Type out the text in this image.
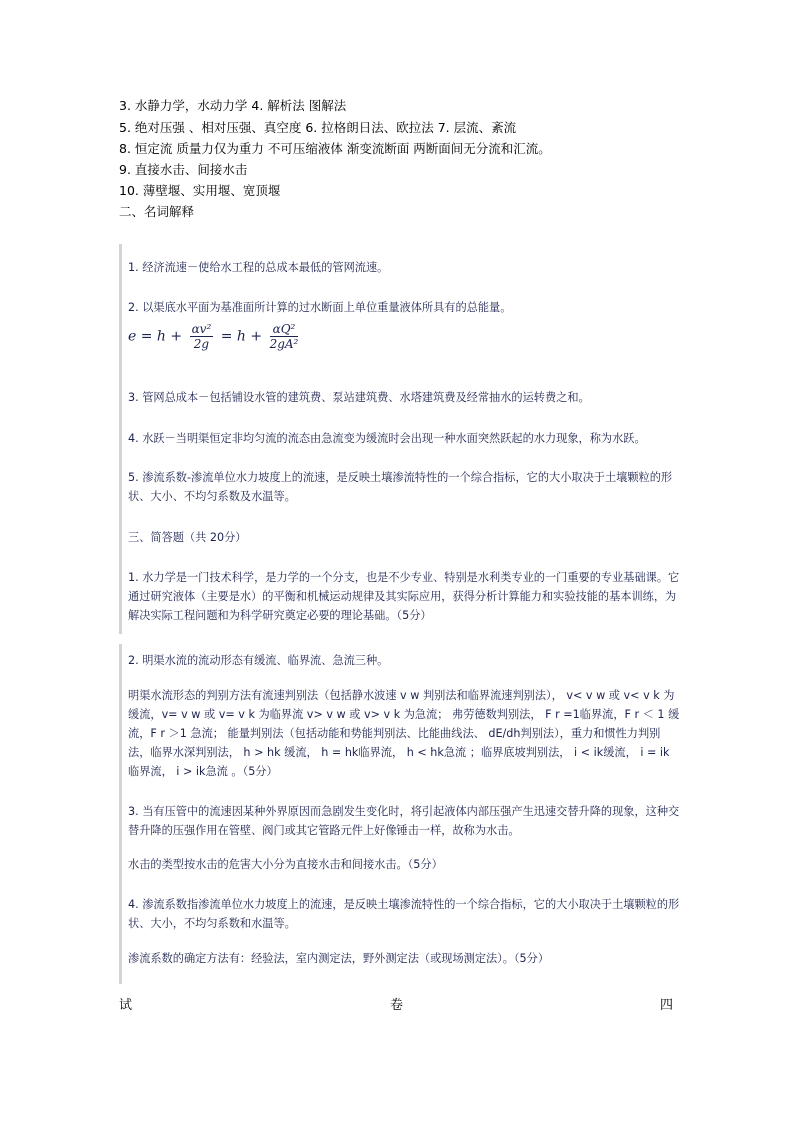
3. 水静力学，水动力学 4. 解析法 图解法
5. 绝对压强 、相对压强、真空度 6. 拉格朗日法、欧拉法 7. 层流、紊流
8. 恒定流 质量力仅为重力 不可压缩液体 渐变流断面 两断面间无分流和汇流。
9. 直接水击、间接水击
10. 薄壁堰、实用堰、宽顶堰
二、名词解释
1. 经济流速－使给水工程的总成本最低的管网流速。
2. 以渠底水平面为基准面所计算的过水断面上单位重量液体所具有的总能量。
$e = h + \frac{\text{αv²}}{2g} = h + \frac{\text{αQ²}}{\text{2gA²}}$
3. 管网总成本－包括铺设水管的建筑费、泵站建筑费、水塔建筑费及经常抽水的运转费之和。
4. 水跃－当明渠恒定非均匀流的流态由急流变为缓流时会出现一种水面突然跃起的水力现象，称为水跃。
5. 渗流系数-渗流单位水力坡度上的流速，是反映土壤渗流特性的一个综合指标，它的大小取决于土壤颗粒的形状、大小、不均匀系数及水温等。
三、简答题（共 20分）
1. 水力学是一门技术科学，是力学的一个分支，也是不少专业、特别是水利类专业的一门重要的专业基础课。它通过研究液体（主要是水）的平衡和机械运动规律及其实际应用，获得分析计算能力和实验技能的基本训练，为解决实际工程问题和为科学研究奠定必要的理论基础。（5分）
2. 明渠水流的流动形态有缓流、临界流、急流三种。
明渠水流形态的判别方法有流速判别法（包括静水波速 v w 判别法和临界流速判别法）， v< v w 或 v< v k 为缓流，v= v w 或 v= v k 为临界流 v> v w 或 v> v k 为急流； 弗劳德数判别法， F r =1临界流，F r ＜ 1 缓流，F r ＞1 急流； 能量判别法（包括动能和势能判别法、比能曲线法、 dE/dh判别法），重力和惯性力判别法，临界水深判别法， h > hk 缓流， h = hk临界流， h < hk急流 ；临界底坡判别法， i < ik缓流， i = ik临界流， i > ik急流 。（5分）
3. 当有压管中的流速因某种外界原因而急剧发生变化时，将引起液体内部压强产生迅速交替升降的现象，这种交替升降的压强作用在管壁、阀门或其它管路元件上好像锤击一样，故称为水击。
水击的类型按水击的危害大小分为直接水击和间接水击。（5分）
4. 渗流系数指渗流单位水力坡度上的流速，是反映土壤渗流特性的一个综合指标，它的大小取决于土壤颗粒的形状、大小，不均匀系数和水温等。
渗流系数的确定方法有：经验法，室内测定法，野外测定法（或现场测定法）。（5分）
试	卷	四
